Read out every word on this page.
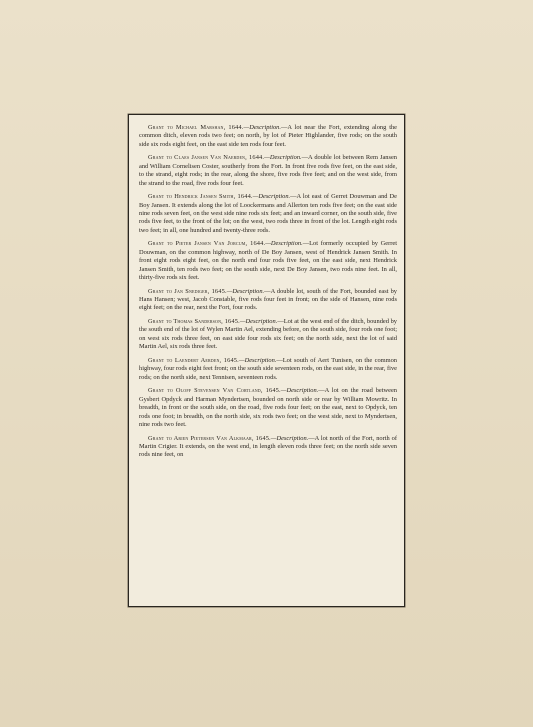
Grant to Michael Marshan, 1644.—Description.—A lot near the Fort, extending along the common ditch, eleven rods two feet; on north, by lot of Pieter Highlander, five rods; on the south side six rods eight feet, on the east side ten rods four feet.

Grant to Claes Jansen Van Naerden, 1644.—Description.—A double lot between Rem Jansen and William Cornelisen Coster, southerly from the Fort. In front five rods five feet, on the east side, to the strand, eight rods; in the rear, along the shore, five rods five feet; and on the west side, from the strand to the road, five rods four feet.

Grant to Hendrick Jansen Smith, 1644.—Description.—A lot east of Gerret Douwman and De Boy Jansen. It extends along the lot of Loockermans and Allerton ten rods five feet; on the east side nine rods seven feet, on the west side nine rods six feet; and an inward corner, on the south side, five rods five feet, to the front of the lot; on the west, two rods three in front of the lot. Length eight rods two feet; in all, one hundred and twenty-three rods.

Grant to Pieter Jansen Van Jorcum, 1644.—Description.—Lot formerly occupied by Gerret Douwman, on the common highway, north of De Boy Jansen, west of Hendrick Jansen Smith. In front eight rods eight feet, on the north end four rods five feet, on the east side, next Hendrick Jansen Smith, ten rods two feet; on the south side, next De Boy Jansen, two rods nine feet. In all, thirty-five rods six feet.

Grant to Jan Snediger, 1645.—Description.—A double lot, south of the Fort, bounded east by Hans Hansen; west, Jacob Constable, five rods four feet in front; on the side of Hansen, nine rods eight feet; on the rear, next the Fort, four rods.

Grant to Thomas Sanderson, 1645.—Description.—Lot at the west end of the ditch, bounded by the south end of the lot of Wylen Martin Ael, extending before, on the south side, four rods one foot; on west six rods three feet, on east side four rods six feet; on the north side, next the lot of said Martin Ael, six rods three feet.

Grant to Laendert Aerden, 1645.—Description.—Lot south of Aert Tunisen, on the common highway, four rods eight feet front; on the south side seventeen rods, on the east side, in the rear, five rods; on the north side, next Tennisen, seventeen rods.

Grant to Oloff Stevensen Van Cortland, 1645.—Description.—A lot on the road between Gysbert Opdyck and Harman Myndertsen, bounded on north side or rear by William Mowritz. In breadth, in front or the south side, on the road, five rods four feet; on the east, next to Opdyck, ten rods one foot; in breadth, on the north side, six rods two feet; on the west side, next to Myndertsen, nine rods two feet.

Grant to Arien Pietersen Van Alkmaar, 1645.—Description.—A lot north of the Fort, north of Martin Crigier. It extends, on the west end, in length eleven rods three feet; on the north side seven rods nine feet, on
